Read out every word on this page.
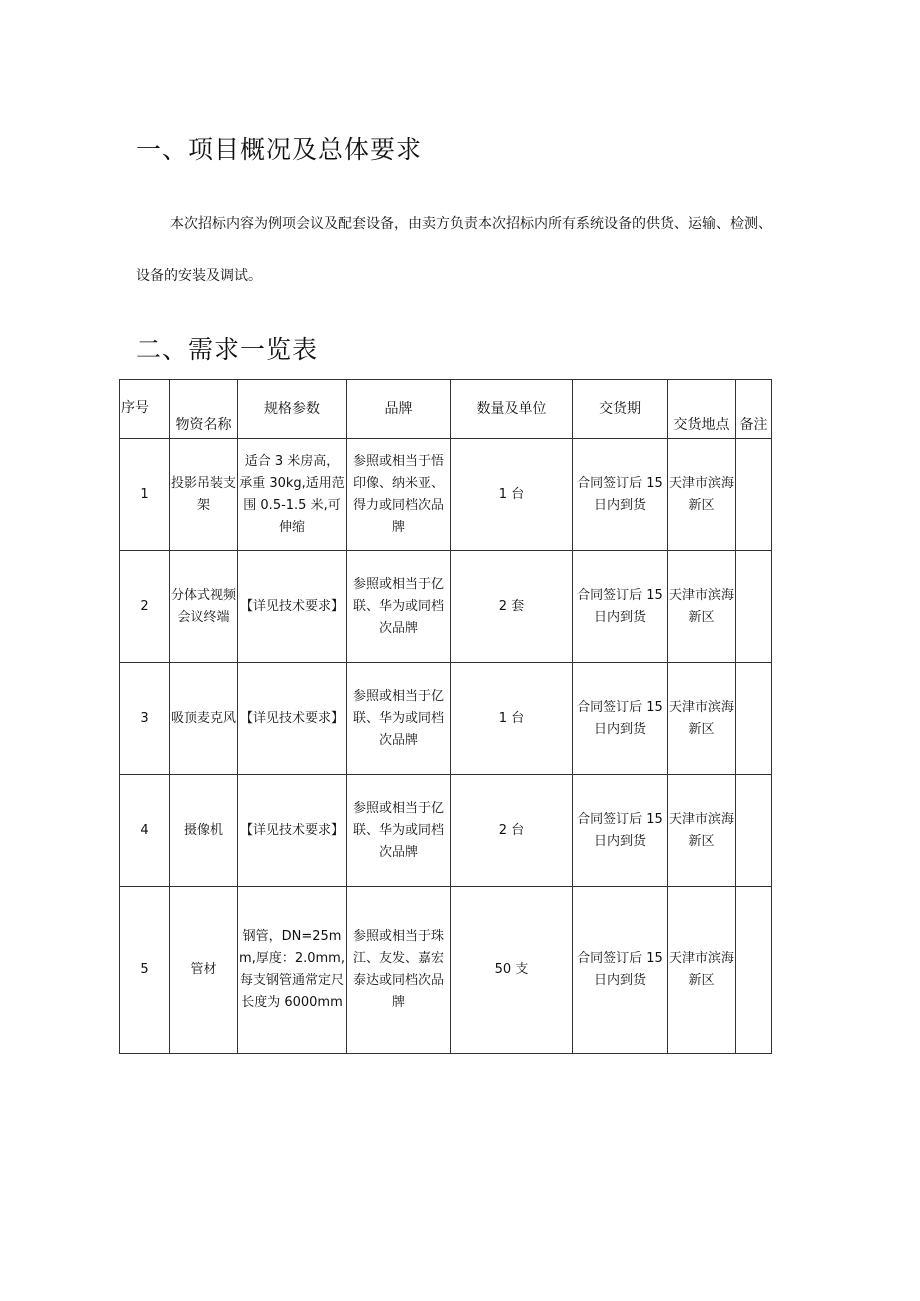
一、项目概况及总体要求

本次招标内容为例项会议及配套设备，由卖方负责本次招标内所有系统设备的供货、运输、检测、设备的安装及调试。

二、需求一览表
序号	物资名称	规格参数	品牌	数量及单位	交货期	交货地点	备注
1	投影吊装支架	适合 3 米房高，承重 30kg,适用范围 0.5-1.5 米,可伸缩	参照或相当于悟印像、纳米亚、得力或同档次品牌	1 台	合同签订后 15 日内到货	天津市滨海新区	
2	分体式视频会议终端	【详见技术要求】	参照或相当于亿联、华为或同档次品牌	2 套	合同签订后 15 日内到货	天津市滨海新区	
3	吸顶麦克风	【详见技术要求】	参照或相当于亿联、华为或同档次品牌	1 台	合同签订后 15 日内到货	天津市滨海新区	
4	摄像机	【详见技术要求】	参照或相当于亿联、华为或同档次品牌	2 台	合同签订后 15 日内到货	天津市滨海新区	
5	管材	钢管，DN=25mm,厚度：2.0mm,每支钢管通常定尺长度为 6000mm	参照或相当于珠江、友发、嘉宏泰达或同档次品牌	50 支	合同签订后 15 日内到货	天津市滨海新区	
